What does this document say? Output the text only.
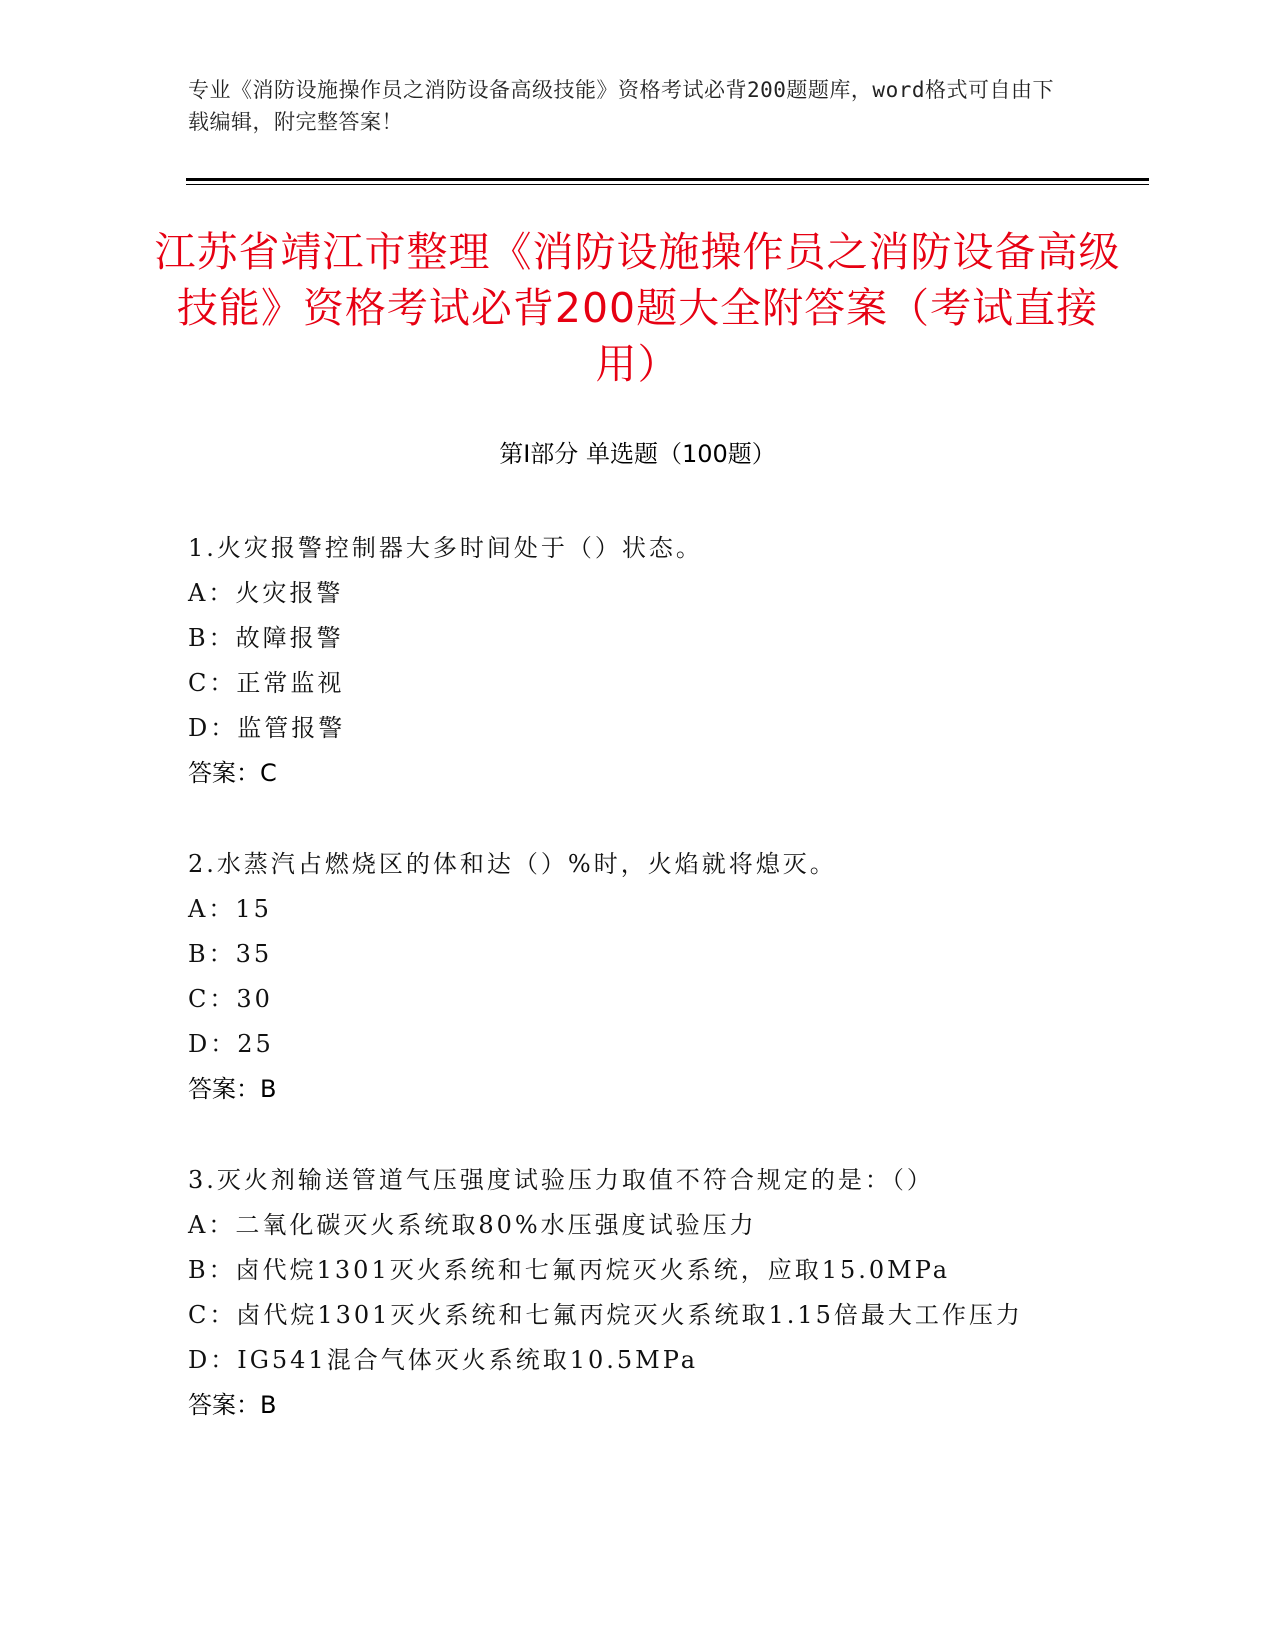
专业《消防设施操作员之消防设备高级技能》资格考试必背200题题库，word格式可自由下载编辑，附完整答案！
江苏省靖江市整理《消防设施操作员之消防设备高级技能》资格考试必背200题大全附答案（考试直接用）
第Ⅰ部分 单选题（100题）
1.火灾报警控制器大多时间处于（）状态。
A：火灾报警
B：故障报警
C：正常监视
D：监管报警
答案：C
2.水蒸汽占燃烧区的体和达（）%时，火焰就将熄灭。
A：15
B：35
C：30
D：25
答案：B
3.灭火剂输送管道气压强度试验压力取值不符合规定的是：（）
A：二氧化碳灭火系统取80%水压强度试验压力
B：卤代烷1301灭火系统和七氟丙烷灭火系统，应取15.0MPa
C：卤代烷1301灭火系统和七氟丙烷灭火系统取1.15倍最大工作压力
D：IG541混合气体灭火系统取10.5MPa
答案：B
